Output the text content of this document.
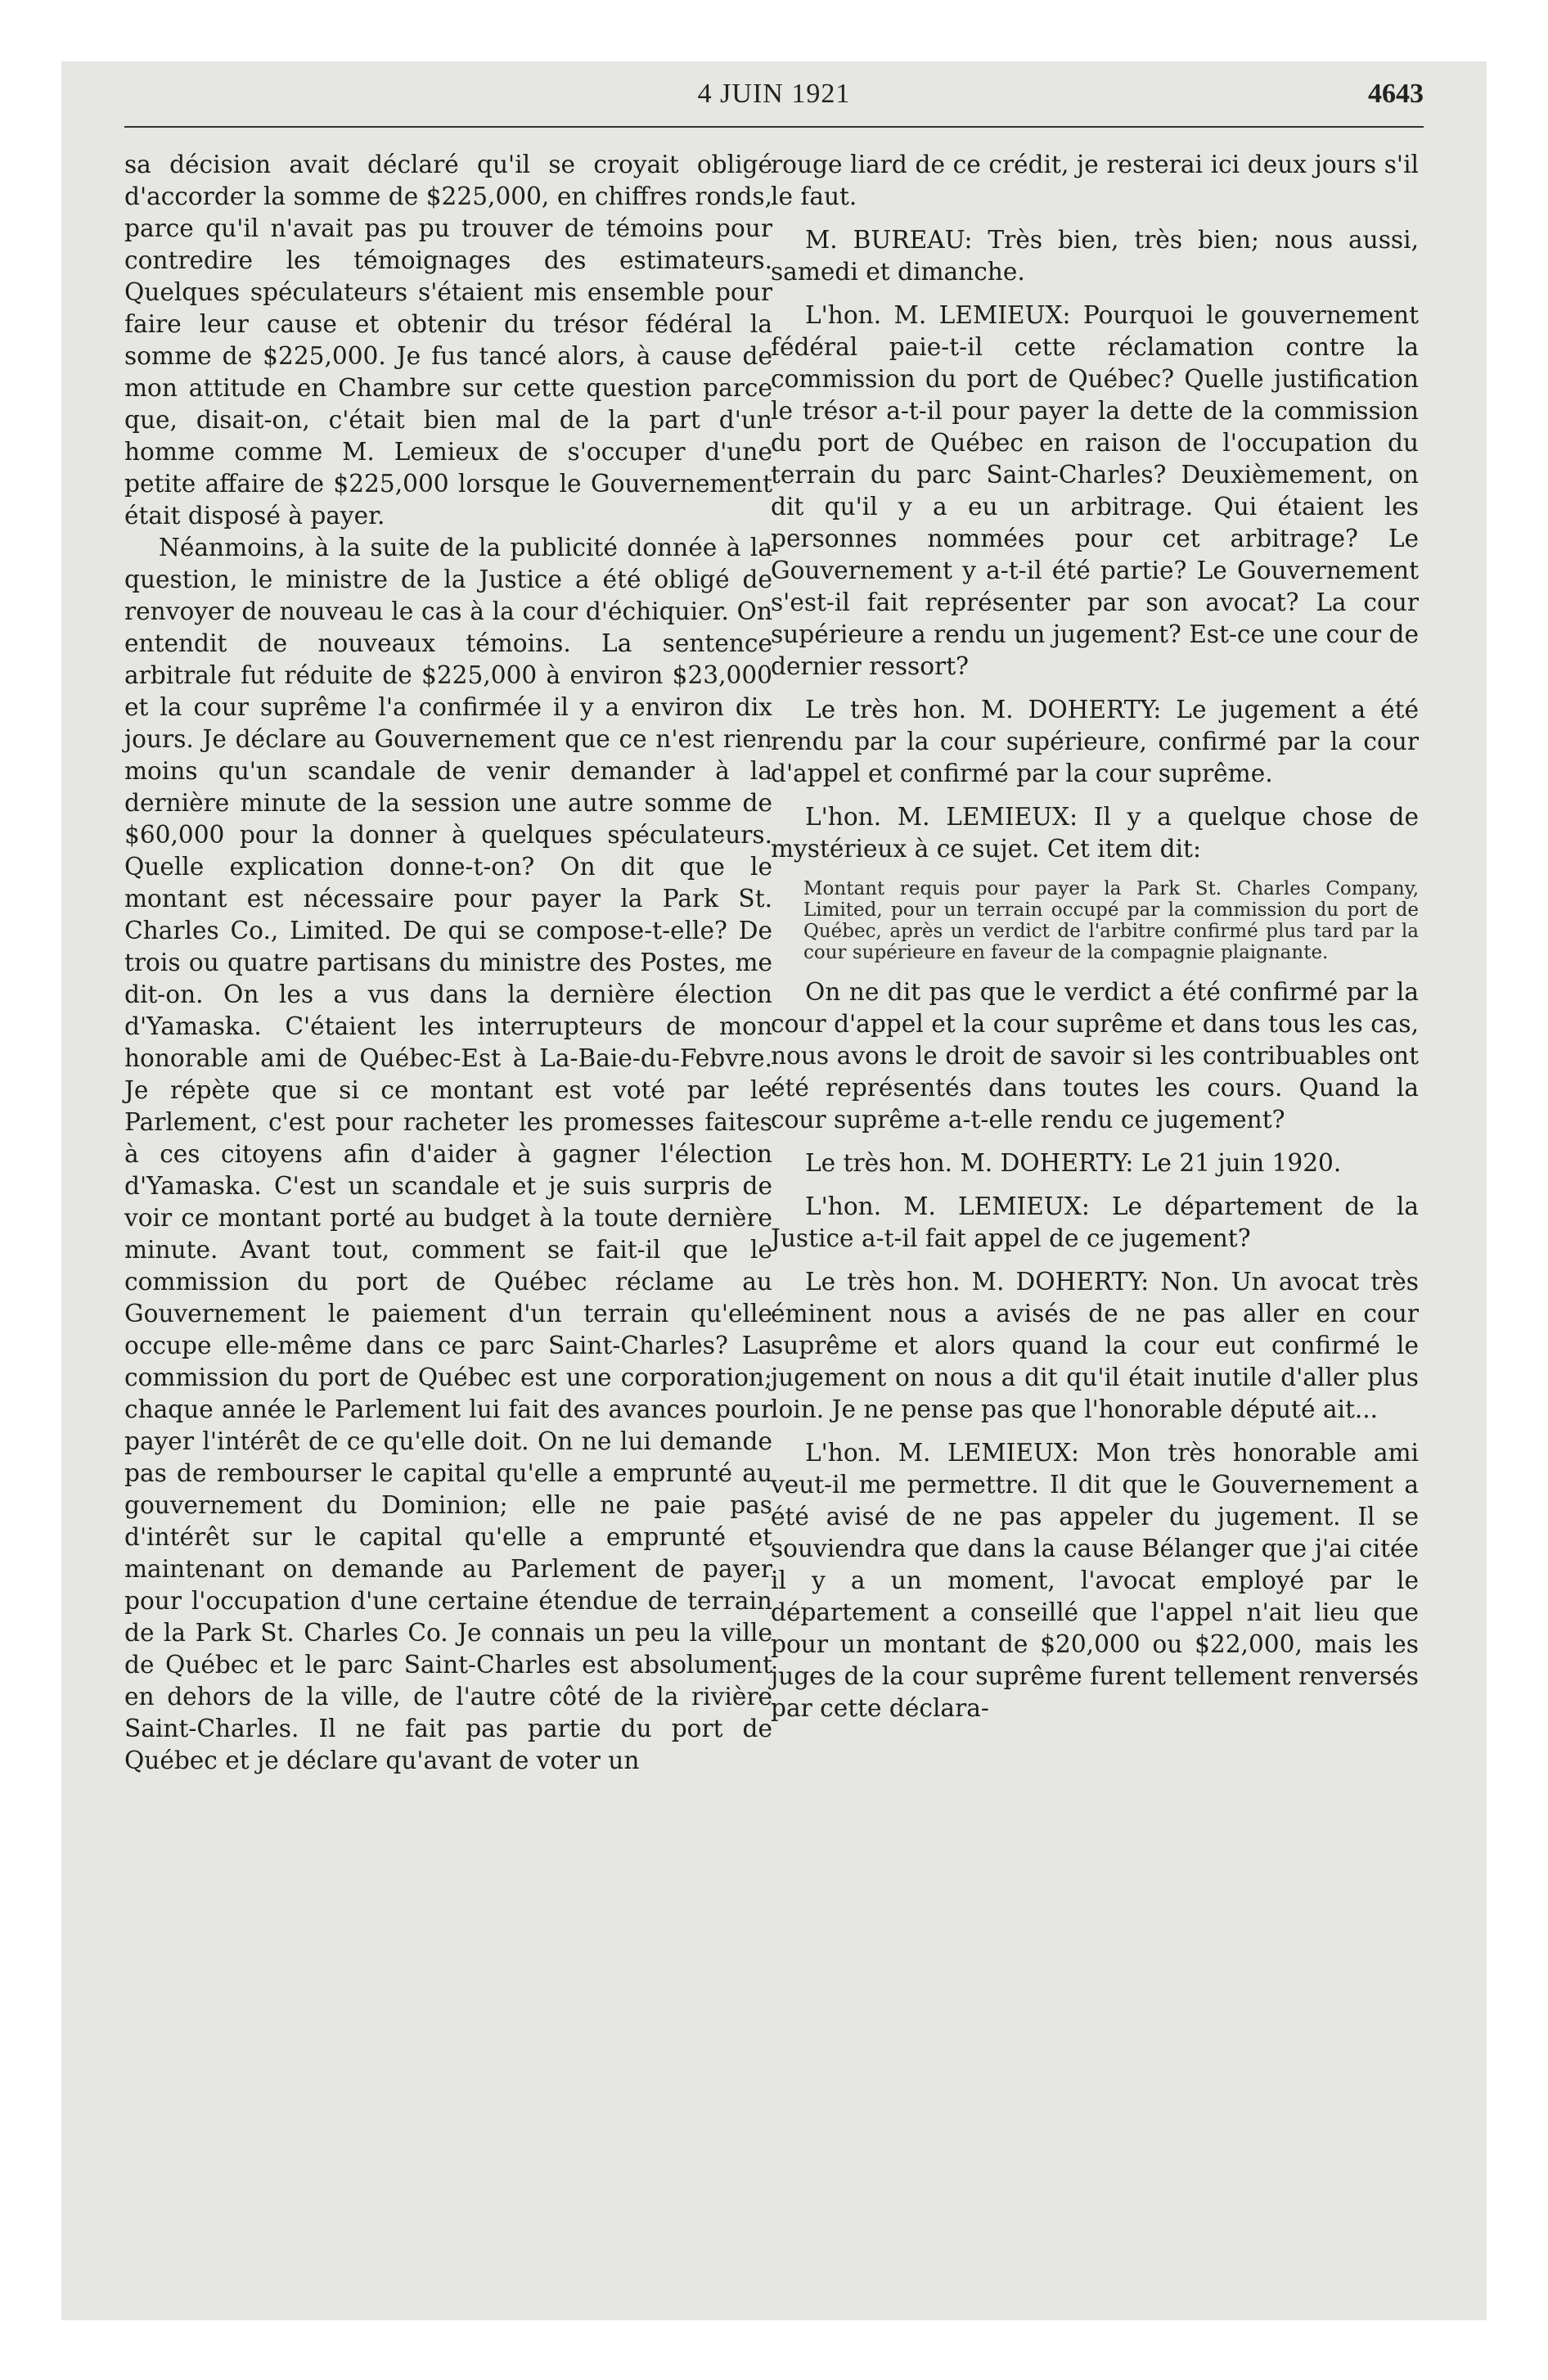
4 JUIN 1921	4643

sa décision avait déclaré qu'il se croyait obligé d'accorder la somme de $225,000, en chiffres ronds, parce qu'il n'avait pas pu trouver de témoins pour contredire les témoignages des estimateurs. Quelques spéculateurs s'étaient mis ensemble pour faire leur cause et obtenir du trésor fédéral la somme de $225,000. Je fus tancé alors, à cause de mon attitude en Chambre sur cette question parce que, disait-on, c'était bien mal de la part d'un homme comme M. Lemieux de s'occuper d'une petite affaire de $225,000 lorsque le Gouvernement était disposé à payer.

Néanmoins, à la suite de la publicité donnée à la question, le ministre de la Justice a été obligé de renvoyer de nouveau le cas à la cour d'échiquier. On entendit de nouveaux témoins. La sentence arbitrale fut réduite de $225,000 à environ $23,000 et la cour suprême l'a confirmée il y a environ dix jours. Je déclare au Gouvernement que ce n'est rien moins qu'un scandale de venir demander à la dernière minute de la session une autre somme de $60,000 pour la donner à quelques spéculateurs. Quelle explication donne-t-on? On dit que le montant est nécessaire pour payer la Park St. Charles Co., Limited. De qui se compose-t-elle? De trois ou quatre partisans du ministre des Postes, me dit-on. On les a vus dans la dernière élection d'Yamaska. C'étaient les interrupteurs de mon honorable ami de Québec-Est à La-Baie-du-Febvre. Je répète que si ce montant est voté par le Parlement, c'est pour racheter les promesses faites à ces citoyens afin d'aider à gagner l'élection d'Yamaska. C'est un scandale et je suis surpris de voir ce montant porté au budget à la toute dernière minute. Avant tout, comment se fait-il que le commission du port de Québec réclame au Gouvernement le paiement d'un terrain qu'elle occupe elle-même dans ce parc Saint-Charles? La commission du port de Québec est une corporation; chaque année le Parlement lui fait des avances pour payer l'intérêt de ce qu'elle doit. On ne lui demande pas de rembourser le capital qu'elle a emprunté au gouvernement du Dominion; elle ne paie pas d'intérêt sur le capital qu'elle a emprunté et maintenant on demande au Parlement de payer pour l'occupation d'une certaine étendue de terrain de la Park St. Charles Co. Je connais un peu la ville de Québec et le parc Saint-Charles est absolument en dehors de la ville, de l'autre côté de la rivière Saint-Charles. Il ne fait pas partie du port de Québec et je déclare qu'avant de voter un

rouge liard de ce crédit, je resterai ici deux jours s'il le faut.

M. BUREAU: Très bien, très bien; nous aussi, samedi et dimanche.

L'hon. M. LEMIEUX: Pourquoi le gouvernement fédéral paie-t-il cette réclamation contre la commission du port de Québec? Quelle justification le trésor a-t-il pour payer la dette de la commission du port de Québec en raison de l'occupation du terrain du parc Saint-Charles? Deuxièmement, on dit qu'il y a eu un arbitrage. Qui étaient les personnes nommées pour cet arbitrage? Le Gouvernement y a-t-il été partie? Le Gouvernement s'est-il fait représenter par son avocat? La cour supérieure a rendu un jugement? Est-ce une cour de dernier ressort?

Le très hon. M. DOHERTY: Le jugement a été rendu par la cour supérieure, confirmé par la cour d'appel et confirmé par la cour suprême.

L'hon. M. LEMIEUX: Il y a quelque chose de mystérieux à ce sujet. Cet item dit:

Montant requis pour payer la Park St. Charles Company, Limited, pour un terrain occupé par la commission du port de Québec, après un verdict de l'arbitre confirmé plus tard par la cour supérieure en faveur de la compagnie plaignante.

On ne dit pas que le verdict a été confirmé par la cour d'appel et la cour suprême et dans tous les cas, nous avons le droit de savoir si les contribuables ont été représentés dans toutes les cours. Quand la cour suprême a-t-elle rendu ce jugement?

Le très hon. M. DOHERTY: Le 21 juin 1920.

L'hon. M. LEMIEUX: Le département de la Justice a-t-il fait appel de ce jugement?

Le très hon. M. DOHERTY: Non. Un avocat très éminent nous a avisés de ne pas aller en cour suprême et alors quand la cour eut confirmé le jugement on nous a dit qu'il était inutile d'aller plus loin. Je ne pense pas que l'honorable député ait...

L'hon. M. LEMIEUX: Mon très honorable ami veut-il me permettre. Il dit que le Gouvernement a été avisé de ne pas appeler du jugement. Il se souviendra que dans la cause Bélanger que j'ai citée il y a un moment, l'avocat employé par le département a conseillé que l'appel n'ait lieu que pour un montant de $20,000 ou $22,000, mais les juges de la cour suprême furent tellement renversés par cette déclara-
